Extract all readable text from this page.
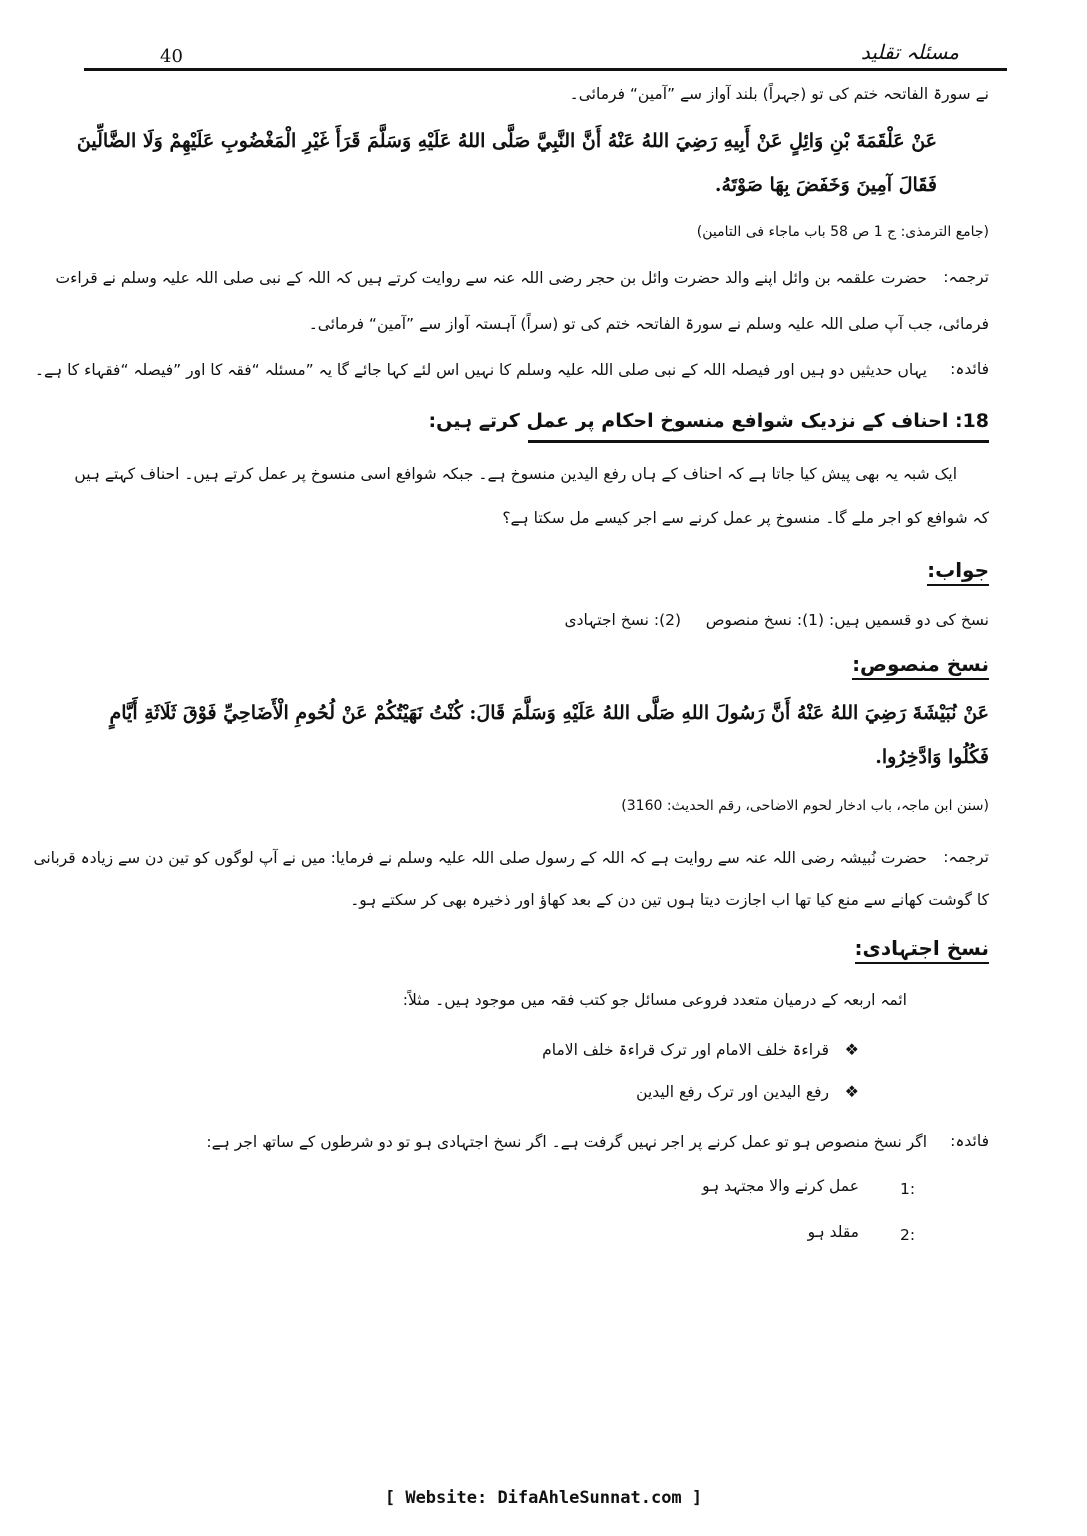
40	مسئلہ تقلید
نے سورۃ الفاتحہ ختم کی تو (جہراً) بلند آواز سے ”آمین“ فرمائی۔
عَنْ عَلْقَمَةَ بْنِ وَائِلٍ عَنْ أَبِيهِ رَضِيَ اللهُ عَنْهُ أَنَّ النَّبِيَّ صَلَّى اللهُ عَلَيْهِ وَسَلَّمَ قَرَأَ غَيْرِ الْمَغْضُوبِ عَلَيْهِمْ وَلَا الضَّالِّينَ
فَقَالَ آمِينَ وَخَفَضَ بِهَا صَوْتَهُ.
(جامع الترمذی: ج 1 ص 58 باب ماجاء فی التامین)
ترجمہ:
حضرت علقمہ بن وائل اپنے والد حضرت وائل بن حجر رضی اللہ عنہ سے روایت کرتے ہیں کہ اللہ کے نبی صلی اللہ علیہ وسلم نے قراءت
فرمائی، جب آپ صلی اللہ علیہ وسلم نے سورۃ الفاتحہ ختم کی تو (سراً) آہستہ آواز سے ”آمین“ فرمائی۔
فائدہ:
یہاں حدیثیں دو ہیں اور فیصلہ اللہ کے نبی صلی اللہ علیہ وسلم کا نہیں اس لئے کہا جائے گا یہ ”مسئلہ “فقہ کا اور ”فیصلہ “فقہاء کا ہے۔
18: احناف کے نزدیک شوافع منسوخ احکام پر عمل کرتے ہیں:
ایک شبہ یہ بھی پیش کیا جاتا ہے کہ احناف کے ہاں رفع الیدین منسوخ ہے۔ جبکہ شوافع اسی منسوخ پر عمل کرتے ہیں۔ احناف کہتے ہیں
کہ شوافع کو اجر ملے گا۔ منسوخ پر عمل کرنے سے اجر کیسے مل سکتا ہے؟
جواب:
نسخ کی دو قسمیں ہیں: (1): نسخ منصوص     (2): نسخ اجتہادی
نسخ منصوص:
عَنْ نُبَيْشَةَ رَضِيَ اللهُ عَنْهُ أَنَّ رَسُولَ اللهِ صَلَّى اللهُ عَلَيْهِ وَسَلَّمَ قَالَ: كُنْتُ نَهَيْتُكُمْ عَنْ لُحُومِ الْأَضَاحِيِّ فَوْقَ ثَلَاثَةِ أَيَّامٍ
فَكُلُوا وَادَّخِرُوا.
(سنن ابن ماجہ، باب ادخار لحوم الاضاحی، رقم الحدیث: 3160)
ترجمہ:
حضرت نُبیشہ رضی اللہ عنہ سے روایت ہے کہ اللہ کے رسول صلی اللہ علیہ وسلم نے فرمایا: میں نے آپ لوگوں کو تین دن سے زیادہ قربانی
کا گوشت کھانے سے منع کیا تھا اب اجازت دیتا ہوں تین دن کے بعد کھاؤ اور ذخیرہ بھی کر سکتے ہو۔
نسخ اجتہادی:
ائمہ اربعہ کے درمیان متعدد فروعی مسائل جو کتب فقہ میں موجود ہیں۔ مثلاً:
❖
قراءۃ خلف الامام اور ترک قراءۃ خلف الامام
❖
رفع الیدین اور ترک رفع الیدین
فائدہ:
اگر نسخ منصوص ہو تو عمل کرنے پر اجر نہیں گرفت ہے۔ اگر نسخ اجتہادی ہو تو دو شرطوں کے ساتھ اجر ہے:
1:
عمل کرنے والا مجتہد ہو
2:
مقلد ہو
[ Website: DifaAhleSunnat.com ]
